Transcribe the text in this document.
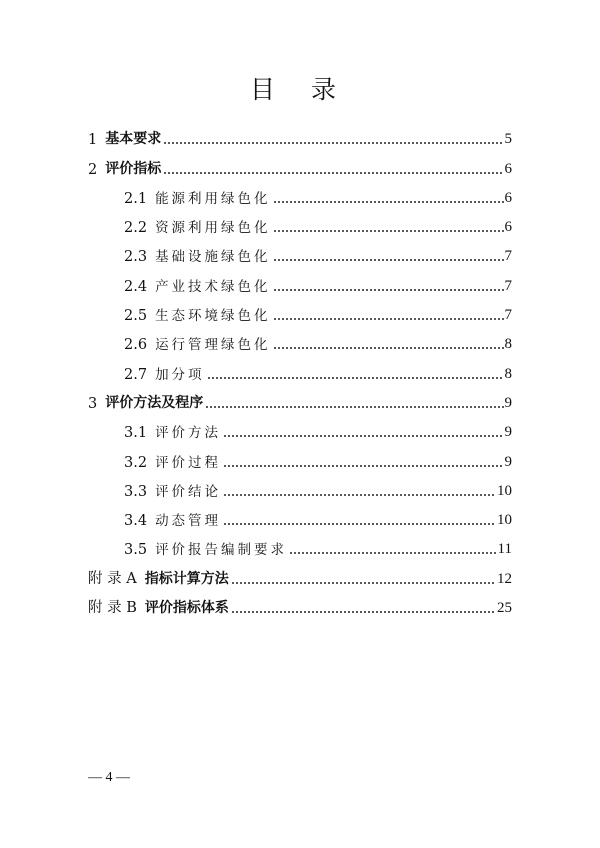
目 录
1 基本要求	5
2 评价指标	6
2.1 能源利用绿色化	6
2.2 资源利用绿色化	6
2.3 基础设施绿色化	7
2.4 产业技术绿色化	7
2.5 生态环境绿色化	7
2.6 运行管理绿色化	8
2.7 加分项	8
3 评价方法及程序	9
3.1 评价方法	9
3.2 评价过程	9
3.3 评价结论	10
3.4 动态管理	10
3.5 评价报告编制要求	11
附 录 A 指标计算方法	12
附 录 B 评价指标体系	25
— 4 —
